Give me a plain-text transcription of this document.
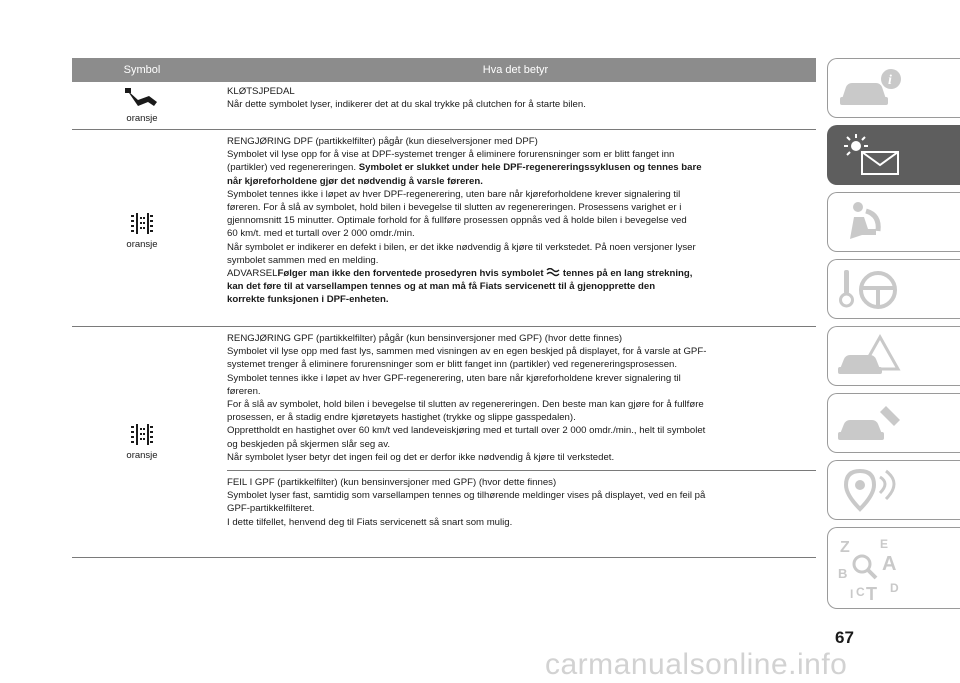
Symbol	Hva det betyr
oransje
KLØTSJPEDAL
Når dette symbolet lyser, indikerer det at du skal trykke på clutchen for å starte bilen.
oransje
RENGJØRING DPF (partikkelfilter) pågår (kun dieselversjoner med DPF)
Symbolet vil lyse opp for å vise at DPF-systemet trenger å eliminere forurensninger som er blitt fanget inn
(partikler) ved regenereringen. Symbolet er slukket under hele DPF-regenereringssyklusen og tennes bare
når kjøreforholdene gjør det nødvendig å varsle føreren.
Symbolet tennes ikke i løpet av hver DPF-regenerering, uten bare når kjøreforholdene krever signalering til
føreren. For å slå av symbolet, hold bilen i bevegelse til slutten av regenereringen. Prosessens varighet er i
gjennomsnitt 15 minutter. Optimale forhold for å fullføre prosessen oppnås ved å holde bilen i bevegelse ved
60 km/t. med et turtall over 2 000 omdr./min.
Når symbolet er indikerer en defekt i bilen, er det ikke nødvendig å kjøre til verkstedet. På noen versjoner lyser
symbolet sammen med en melding.
ADVARSELFølger man ikke den forventede prosedyren hvis symbolet tennes på en lang strekning,
kan det føre til at varsellampen tennes og at man må få Fiats servicenett til å gjenopprette den
korrekte funksjonen i DPF-enheten.
oransje
RENGJØRING GPF (partikkelfilter) pågår (kun bensinversjoner med GPF) (hvor dette finnes)
Symbolet vil lyse opp med fast lys, sammen med visningen av en egen beskjed på displayet, for å varsle at GPF-
systemet trenger å eliminere forurensninger som er blitt fanget inn (partikler) ved regenereringsprosessen.
Symbolet tennes ikke i løpet av hver GPF-regenerering, uten bare når kjøreforholdene krever signalering til
føreren.
For å slå av symbolet, hold bilen i bevegelse til slutten av regenereringen. Den beste man kan gjøre for å fullføre
prosessen, er å stadig endre kjøretøyets hastighet (trykke og slippe gasspedalen).
Opprettholdt en hastighet over 60 km/t ved landeveiskjøring med et turtall over 2 000 omdr./min., helt til symbolet
og beskjeden på skjermen slår seg av.
Når symbolet lyser betyr det ingen feil og det er derfor ikke nødvendig å kjøre til verkstedet.
FEIL I GPF (partikkelfilter) (kun bensinversjoner med GPF) (hvor dette finnes)
Symbolet lyser fast, samtidig som varsellampen tennes og tilhørende meldinger vises på displayet, ved en feil på
GPF-partikkelfilteret.
I dette tilfellet, henvend deg til Fiats servicenett så snart som mulig.
i
Z	E
A
B
C T D
I
67
carmanualsonline.info
